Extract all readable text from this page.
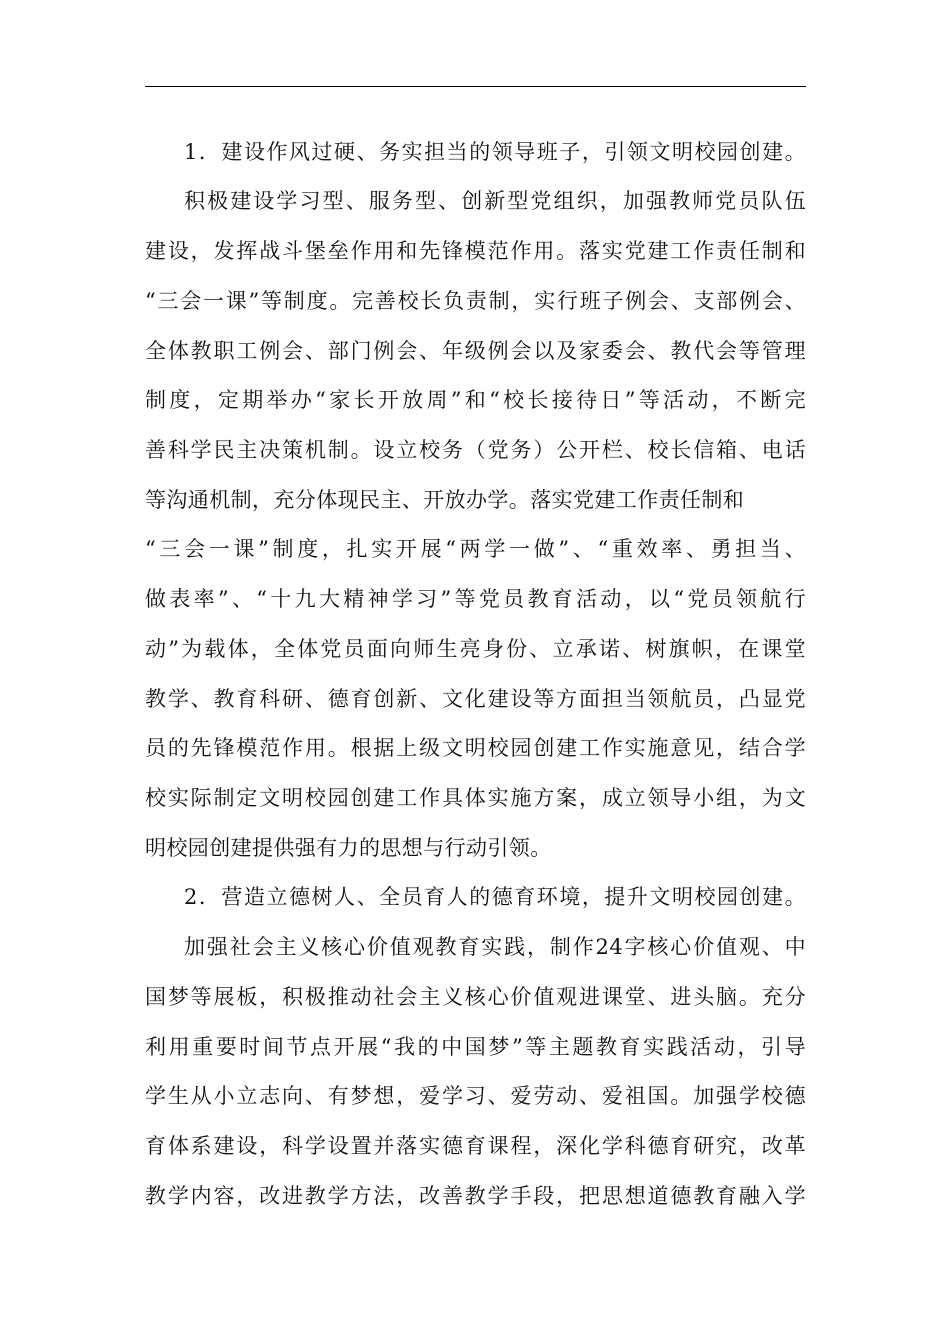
1．建设作风过硬、务实担当的领导班子，引领文明校园创建。
积极建设学习型、服务型、创新型党组织，加强教师党员队伍
建设，发挥战斗堡垒作用和先锋模范作用。落实党建工作责任制和
“三会一课”等制度。完善校长负责制，实行班子例会、支部例会、
全体教职工例会、部门例会、年级例会以及家委会、教代会等管理
制度，定期举办“家长开放周”和“校长接待日”等活动，不断完
善科学民主决策机制。设立校务（党务）公开栏、校长信箱、电话
等沟通机制，充分体现民主、开放办学。落实党建工作责任制和
“三会一课”制度，扎实开展“两学一做”、“重效率、勇担当、
做表率”、“十九大精神学习”等党员教育活动，以“党员领航行
动”为载体，全体党员面向师生亮身份、立承诺、树旗帜，在课堂
教学、教育科研、德育创新、文化建设等方面担当领航员，凸显党
员的先锋模范作用。根据上级文明校园创建工作实施意见，结合学
校实际制定文明校园创建工作具体实施方案，成立领导小组，为文
明校园创建提供强有力的思想与行动引领。
2．营造立德树人、全员育人的德育环境，提升文明校园创建。
加强社会主义核心价值观教育实践，制作24字核心价值观、中
国梦等展板，积极推动社会主义核心价值观进课堂、进头脑。充分
利用重要时间节点开展“我的中国梦”等主题教育实践活动，引导
学生从小立志向、有梦想，爱学习、爱劳动、爱祖国。加强学校德
育体系建设，科学设置并落实德育课程，深化学科德育研究，改革
教学内容，改进教学方法，改善教学手段，把思想道德教育融入学
